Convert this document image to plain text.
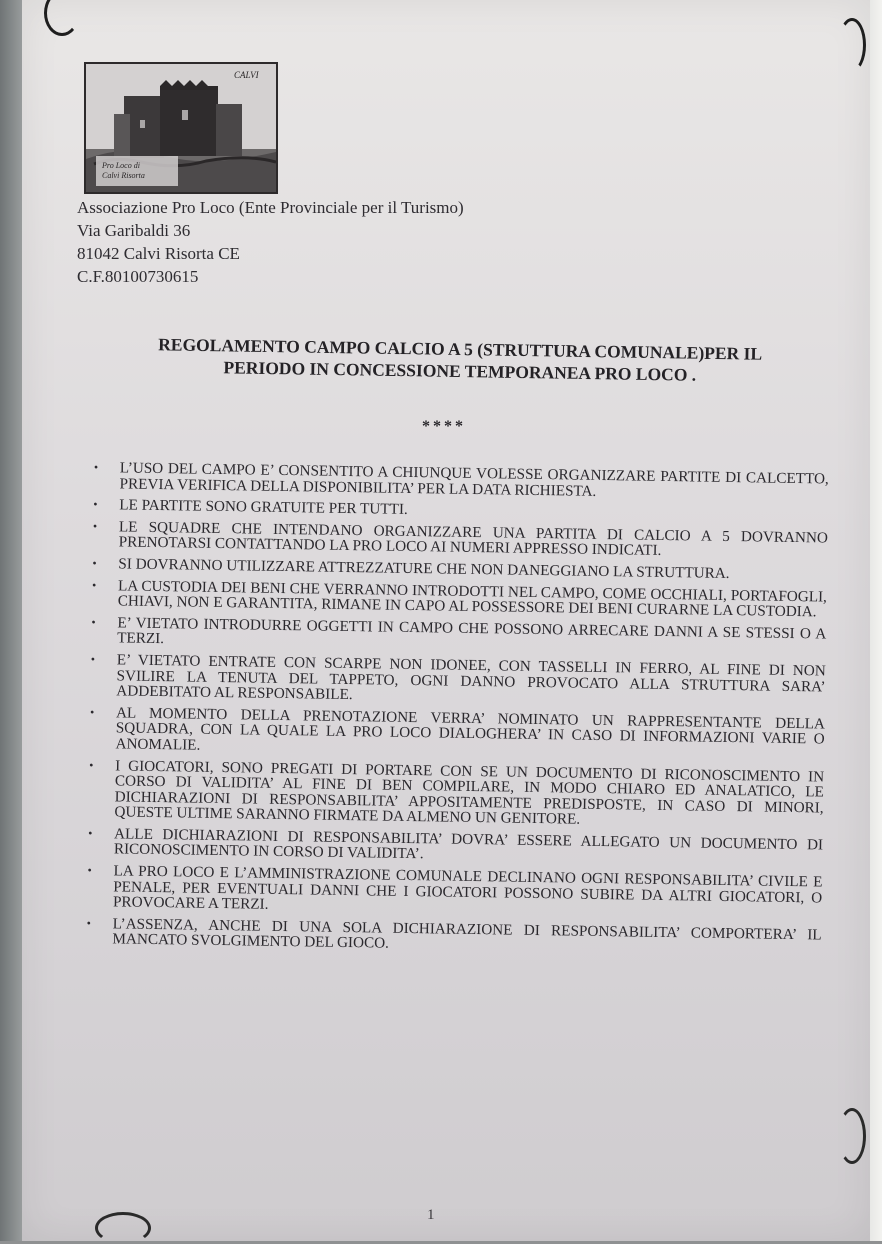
CALVI
Pro Loco di
Calvi Risorta
Associazione Pro Loco (Ente Provinciale per il Turismo)
Via Garibaldi 36
81042 Calvi Risorta CE
C.F.80100730615
REGOLAMENTO CAMPO CALCIO A 5 (STRUTTURA COMUNALE)PER IL
PERIODO IN CONCESSIONE TEMPORANEA PRO LOCO .
****
• L’USO DEL CAMPO E’ CONSENTITO A CHIUNQUE VOLESSE ORGANIZZARE PARTITE DI CALCETTO, PREVIA VERIFICA DELLA DISPONIBILITA’ PER LA DATA RICHIESTA.
• LE PARTITE SONO GRATUITE PER TUTTI.
• LE SQUADRE CHE INTENDANO ORGANIZZARE UNA PARTITA DI CALCIO A 5 DOVRANNO PRENOTARSI CONTATTANDO LA PRO LOCO AI NUMERI APPRESSO INDICATI.
• SI DOVRANNO UTILIZZARE ATTREZZATURE CHE NON DANEGGIANO LA STRUTTURA.
• LA CUSTODIA DEI BENI CHE VERRANNO INTRODOTTI NEL CAMPO, COME OCCHIALI, PORTAFOGLI, CHIAVI, NON E GARANTITA, RIMANE IN CAPO AL POSSESSORE DEI BENI CURARNE LA CUSTODIA.
• E’ VIETATO INTRODURRE OGGETTI IN CAMPO CHE POSSONO ARRECARE DANNI A SE STESSI O A TERZI.
• E’ VIETATO ENTRATE CON SCARPE NON IDONEE, CON TASSELLI IN FERRO, AL FINE DI NON SVILIRE LA TENUTA DEL TAPPETO, OGNI DANNO PROVOCATO ALLA STRUTTURA SARA’ ADDEBITATO AL RESPONSABILE.
• AL MOMENTO DELLA PRENOTAZIONE VERRA’ NOMINATO UN RAPPRESENTANTE DELLA SQUADRA, CON LA QUALE LA PRO LOCO DIALOGHERA’ IN CASO DI INFORMAZIONI VARIE O ANOMALIE.
• I GIOCATORI, SONO PREGATI DI PORTARE CON SE UN DOCUMENTO DI RICONOSCIMENTO IN CORSO DI VALIDITA’ AL FINE DI BEN COMPILARE, IN MODO CHIARO ED ANALATICO, LE DICHIARAZIONI DI RESPONSABILITA’ APPOSITAMENTE PREDISPOSTE, IN CASO DI MINORI, QUESTE ULTIME SARANNO FIRMATE DA ALMENO UN GENITORE.
• ALLE DICHIARAZIONI DI RESPONSABILITA’ DOVRA’ ESSERE ALLEGATO UN DOCUMENTO DI RICONOSCIMENTO IN CORSO DI VALIDITA’.
• LA PRO LOCO E L’AMMINISTRAZIONE COMUNALE DECLINANO OGNI RESPONSABILITA’ CIVILE E PENALE, PER EVENTUALI DANNI CHE I GIOCATORI POSSONO SUBIRE DA ALTRI GIOCATORI, O PROVOCARE A TERZI.
• L’ASSENZA, ANCHE DI UNA SOLA DICHIARAZIONE DI RESPONSABILITA’ COMPORTERA’ IL MANCATO SVOLGIMENTO DEL GIOCO.
1
